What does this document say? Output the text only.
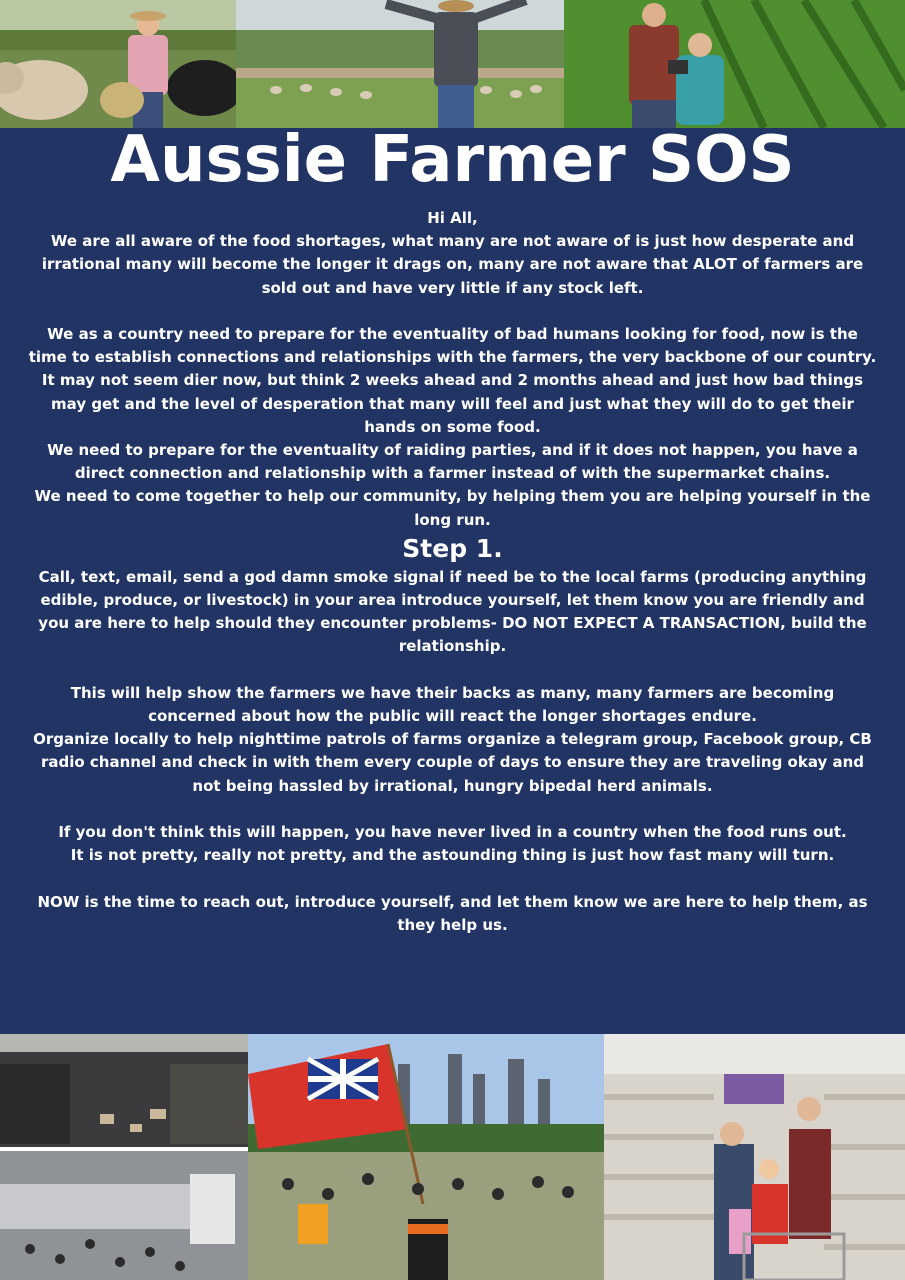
Aussie Farmer SOS

Hi All,

We are all aware of the food shortages, what many are not aware of is just how desperate and irrational many will become the longer it drags on, many are not aware that ALOT of farmers are sold out and have very little if any stock left.

We as a country need to prepare for the eventuality of bad humans looking for food, now is the time to establish connections and relationships with the farmers, the very backbone of our country.

It may not seem dier now, but think 2 weeks ahead and 2 months ahead and just how bad things may get and the level of desperation that many will feel and just what they will do to get their hands on some food.

We need to prepare for the eventuality of raiding parties, and if it does not happen, you have a direct connection and relationship with a farmer instead of with the supermarket chains.

We need to come together to help our community, by helping them you are helping yourself in the long run.

Step 1.

Call, text, email, send a god damn smoke signal if need be to the local farms (producing anything edible, produce, or livestock) in your area introduce yourself, let them know you are friendly and you are here to help should they encounter problems- DO NOT EXPECT A TRANSACTION, build the relationship.

This will help show the farmers we have their backs as many, many farmers are becoming concerned about how the public will react the longer shortages endure.

Organize locally to help nighttime patrols of farms organize a telegram group, Facebook group, CB radio channel and check in with them every couple of days to ensure they are traveling okay and not being hassled by irrational, hungry bipedal herd animals.

If you don't think this will happen, you have never lived in a country when the food runs out.

It is not pretty, really not pretty, and the astounding thing is just how fast many will turn.

NOW is the time to reach out, introduce yourself, and let them know we are here to help them, as they help us.
